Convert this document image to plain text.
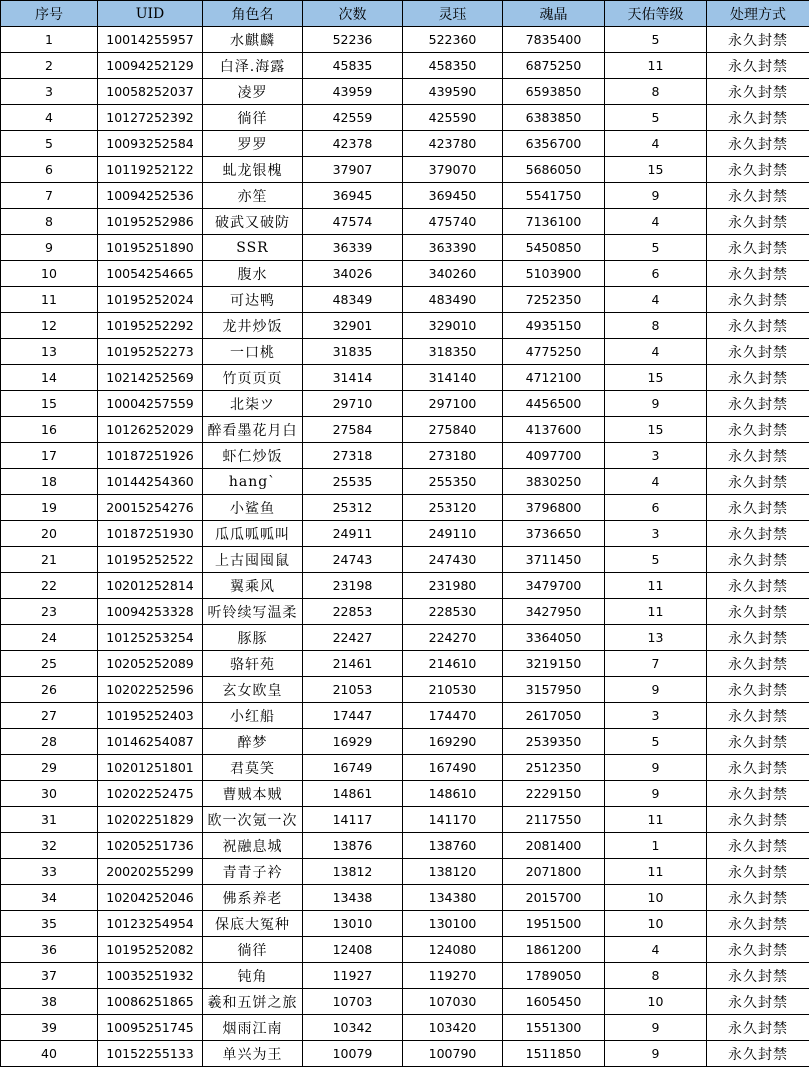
序号	UID	角色名	次数	灵珏	魂晶	天佑等级	处理方式
1	10014255957	水麒麟	52236	522360	7835400	5	永久封禁
2	10094252129	白泽.海露	45835	458350	6875250	11	永久封禁
3	10058252037	凌罗	43959	439590	6593850	8	永久封禁
4	10127252392	徜徉	42559	425590	6383850	5	永久封禁
5	10093252584	罗罗	42378	423780	6356700	4	永久封禁
6	10119252122	虬龙银槐	37907	379070	5686050	15	永久封禁
7	10094252536	亦笙	36945	369450	5541750	9	永久封禁
8	10195252986	破武又破防	47574	475740	7136100	4	永久封禁
9	10195251890	SSR	36339	363390	5450850	5	永久封禁
10	10054254665	腹水	34026	340260	5103900	6	永久封禁
11	10195252024	可达鸭	48349	483490	7252350	4	永久封禁
12	10195252292	龙井炒饭	32901	329010	4935150	8	永久封禁
13	10195252273	一口桃	31835	318350	4775250	4	永久封禁
14	10214252569	竹页页页	31414	314140	4712100	15	永久封禁
15	10004257559	北柒ツ	29710	297100	4456500	9	永久封禁
16	10126252029	醉看墨花月白	27584	275840	4137600	15	永久封禁
17	10187251926	虾仁炒饭	27318	273180	4097700	3	永久封禁
18	10144254360	hang`	25535	255350	3830250	4	永久封禁
19	20015254276	小鲨鱼	25312	253120	3796800	6	永久封禁
20	10187251930	瓜瓜呱呱叫	24911	249110	3736650	3	永久封禁
21	10195252522	上古囤囤鼠	24743	247430	3711450	5	永久封禁
22	10201252814	翼乘风	23198	231980	3479700	11	永久封禁
23	10094253328	听铃续写温柔	22853	228530	3427950	11	永久封禁
24	10125253254	豚豚	22427	224270	3364050	13	永久封禁
25	10205252089	骆轩苑	21461	214610	3219150	7	永久封禁
26	10202252596	玄女欧皇	21053	210530	3157950	9	永久封禁
27	10195252403	小红船	17447	174470	2617050	3	永久封禁
28	10146254087	醉梦	16929	169290	2539350	5	永久封禁
29	10201251801	君莫笑	16749	167490	2512350	9	永久封禁
30	10202252475	曹贼本贼	14861	148610	2229150	9	永久封禁
31	10202251829	欧一次氪一次	14117	141170	2117550	11	永久封禁
32	10205251736	祝融息城	13876	138760	2081400	1	永久封禁
33	20020255299	青青子衿	13812	138120	2071800	11	永久封禁
34	10204252046	佛系养老	13438	134380	2015700	10	永久封禁
35	10123254954	保底大冤种	13010	130100	1951500	10	永久封禁
36	10195252082	徜徉	12408	124080	1861200	4	永久封禁
37	10035251932	钝角	11927	119270	1789050	8	永久封禁
38	10086251865	羲和五饼之旅	10703	107030	1605450	10	永久封禁
39	10095251745	烟雨江南	10342	103420	1551300	9	永久封禁
40	10152255133	单兴为王	10079	100790	1511850	9	永久封禁
